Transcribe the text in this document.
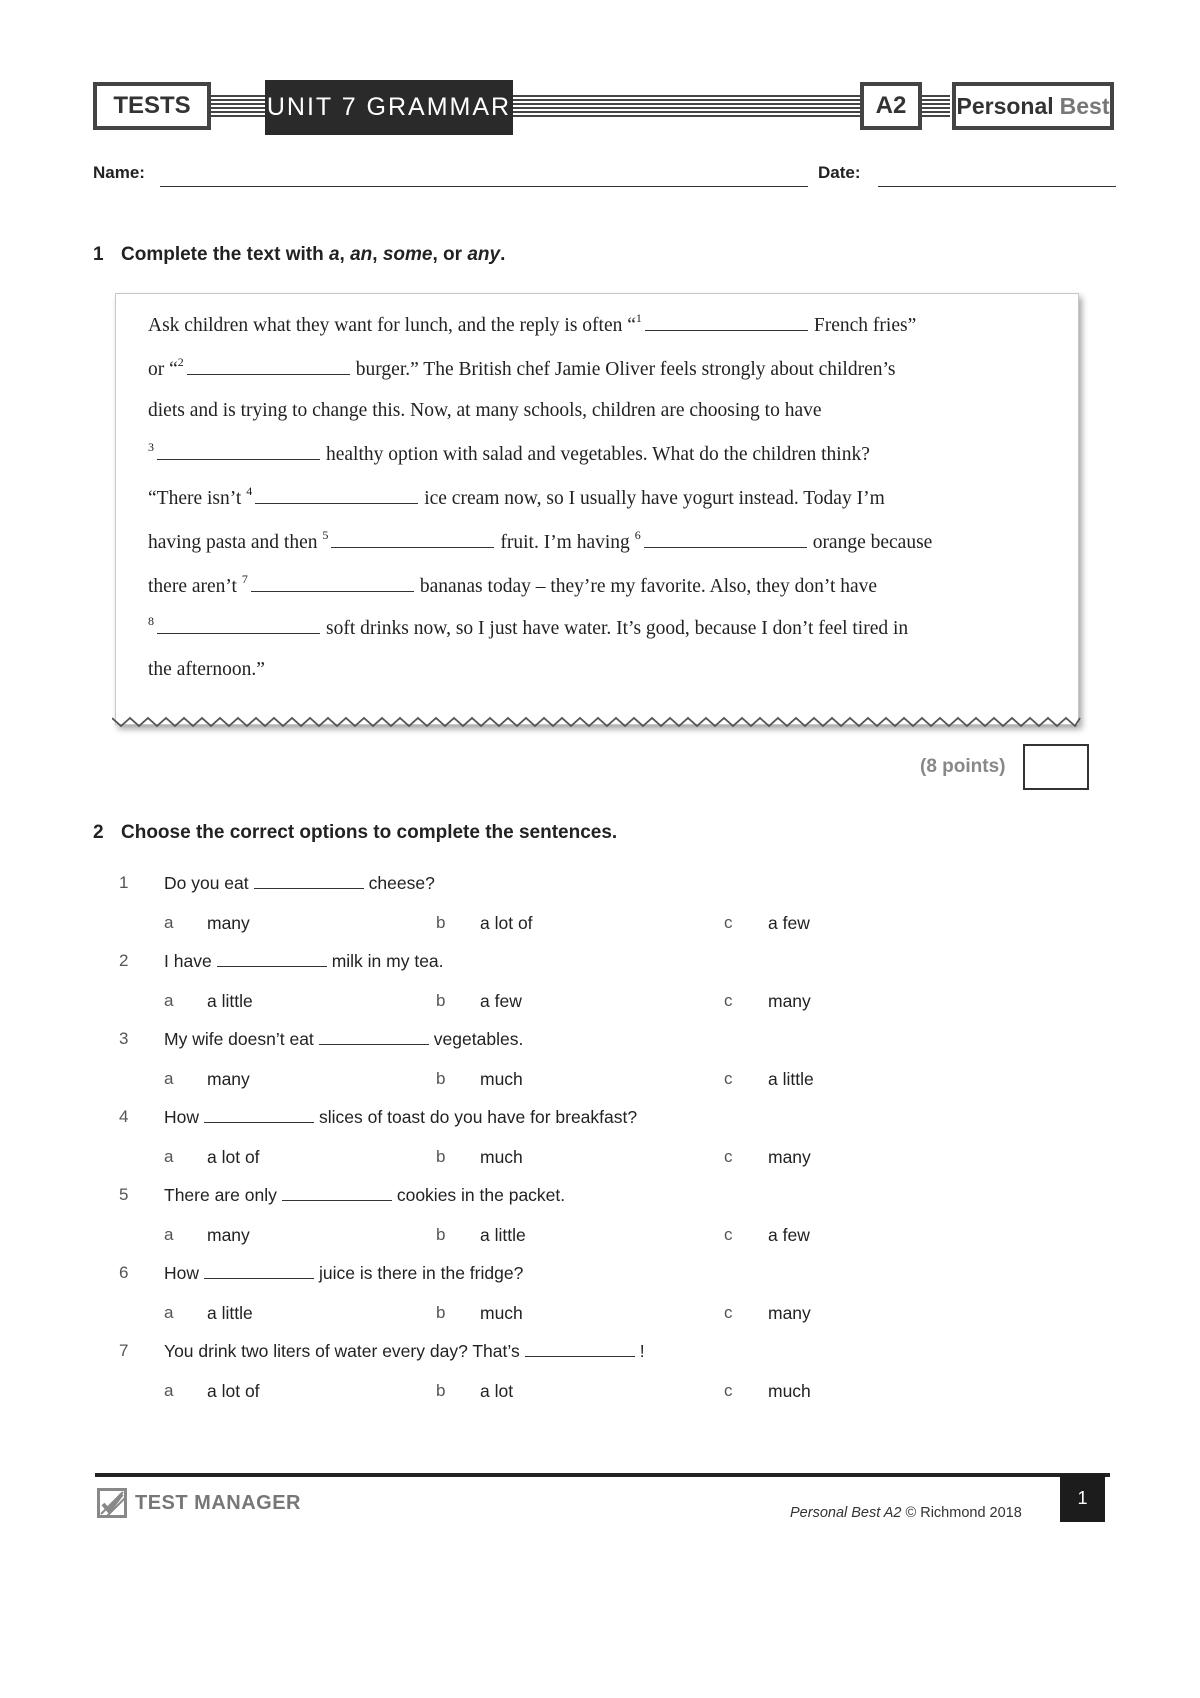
TESTS	UNIT 7 GRAMMAR	A2	Personal Best
Name:	Date:
1 Complete the text with a, an, some, or any.
Ask children what they want for lunch, and the reply is often “$^1$	French fries”
or “$^2$	burger.” The British chef Jamie Oliver feels strongly about children’s
diets and is trying to change this. Now, at many schools, children are choosing to have
$^3$	healthy option with salad and vegetables. What do the children think?
“There isn’t $^4$	ice cream now, so I usually have yogurt instead. Today I’m
having pasta and then $^5$	fruit. I’m having $^6$	orange because
there aren’t $^7$	bananas today – they’re my favorite. Also, they don’t have
$^8$	soft drinks now, so I just have water. It’s good, because I don’t feel tired in
the afternoon.”
(8 points)
2 Choose the correct options to complete the sentences.
1 Do you eat	cheese?
a many	b a lot of	c a few
2 I have	milk in my tea.
a a little	b a few	c many
3 My wife doesn’t eat	vegetables.
a many	b much	c a little
4 How	slices of toast do you have for breakfast?
a a lot of	b much	c many
5 There are only	cookies in the packet.
a many	b a little	c a few
6 How	juice is there in the fridge?
a a little	b much	c many
7 You drink two liters of water every day? That’s	!
a a lot of	b a lot	c much
TEST MANAGER	Personal Best A2 © Richmond 2018
1
